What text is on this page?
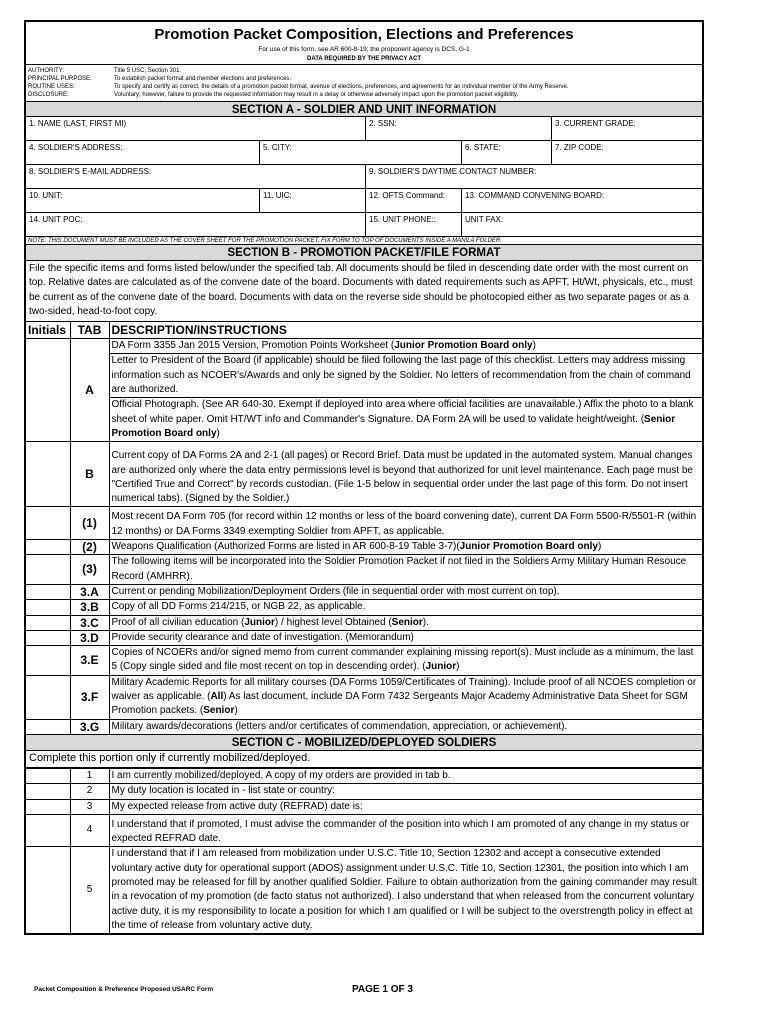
Promotion Packet Composition, Elections and Preferences
For use of this form, see AR 600-8-19; the proponent agency is DCS, G-1
DATA REQUIRED BY THE PRIVACY ACT
AUTHORITY:	Title 5 USC, Section 301.
PRINCIPAL PURPOSE:	To establish packet format and member elections and preferences.
ROUTINE USES:	To specify and certify as correct, the details of a promotion packet format, avenue of elections, preferences, and agreements for an individual member of the Army Reserve.
DISCLOSURE:	Voluntary; however, failure to provide the requested information may result in a delay or otherwise adversely impact upon the promotion packet eligibility.
SECTION A - SOLDIER AND UNIT INFORMATION
1. NAME (LAST, FIRST MI)	2. SSN:	3. CURRENT GRADE:
4. SOLDIER'S ADDRESS:	5. CITY:	6. STATE:	7. ZIP CODE:
8. SOLDIER'S E-MAIL ADDRESS:	9. SOLDIER'S DAYTIME CONTACT NUMBER:
10. UNIT:	11. UIC:	12. OFTS Command:	13. COMMAND CONVENING BOARD:
14. UNIT POC:	15. UNIT PHONE::	UNIT FAX:
NOTE: THIS DOCUMENT MUST BE INCLUDED AS THE COVER SHEET FOR THE PROMOTION PACKET. FIX FORM TO TOP OF DOCUMENTS INSIDE A MANILA FOLDER.
SECTION B - PROMOTION PACKET/FILE FORMAT
File the specific items and forms listed below/under the specified tab. All documents should be filed in descending date order with the most current on top. Relative dates are calculated as of the convene date of the board. Documents with dated requirements such as APFT, Ht/Wt, physicals, etc., must be current as of the convene date of the board. Documents with data on the reverse side should be photocopied either as two separate pages or as a two-sided, head-to-foot copy.
Initials	TAB	DESCRIPTION/INSTRUCTIONS
	A	DA Form 3355 Jan 2015 Version, Promotion Points Worksheet (Junior Promotion Board only)
		Letter to President of the Board (if applicable) should be filed following the last page of this checklist. Letters may address missing information such as NCOER's/Awards and only be signed by the Soldier. No letters of recommendation from the chain of command are authorized.
		Official Photograph. (See AR 640-30. Exempt if deployed into area where official facilities are unavailable.) Affix the photo to a blank sheet of white paper. Omit HT/WT info and Commander's Signature. DA Form 2A will be used to validate height/weight. (Senior Promotion Board only)
	B	Current copy of DA Forms 2A and 2-1 (all pages) or Record Brief. Data must be updated in the automated system. Manual changes are authorized only where the data entry permissions level is beyond that authorized for unit level maintenance. Each page must be "Certified True and Correct" by records custodian. (File 1-5 below in sequential order under the last page of this form. Do not insert numerical tabs). (Signed by the Soldier.)
	(1)	Most recent DA Form 705 (for record within 12 months or less of the board convening date), current DA Form 5500-R/5501-R (within 12 months) or DA Forms 3349 exempting Soldier from APFT, as applicable.
	(2)	Weapons Qualification (Authorized Forms are listed in AR 600-8-19 Table 3-7)(Junior Promotion Board only)
	(3)	The following items will be incorporated into the Soldier Promotion Packet if not filed in the Soldiers Army Military Human Resouce Record (AMHRR).
	3.A	Current or pending Mobilization/Deployment Orders (file in sequential order with most current on top).
	3.B	Copy of all DD Forms 214/215, or NGB 22, as applicable.
	3.C	Proof of all civilian education (Junior) / highest level Obtained (Senior).
	3.D	Provide security clearance and date of investigation. (Memorandum)
	3.E	Copies of NCOERs and/or signed memo from current commander explaining missing report(s). Must include as a minimum, the last 5 (Copy single sided and file most recent on top in descending order). (Junior)
	3.F	Military Academic Reports for all military courses (DA Forms 1059/Certificates of Training). Include proof of all NCOES completion or waiver as applicable. (All) As last document, include DA Form 7432 Sergeants Major Academy Administrative Data Sheet for SGM Promotion packets. (Senior)
	3.G	Military awards/decorations (letters and/or certificates of commendation, appreciation, or achievement).
SECTION C - MOBILIZED/DEPLOYED SOLDIERS
Complete this portion only if currently mobilized/deployed.
	1	I am currently mobilized/deployed. A copy of my orders are provided in tab b.
	2	My duty location is located in - list state or country:
	3	My expected release from active duty (REFRAD) date is:
	4	I understand that if promoted, I must advise the commander of the position into which I am promoted of any change in my status or expected REFRAD date.
	5	I understand that if I am released from mobilization under U.S.C. Title 10, Section 12302 and accept a consecutive extended voluntary active duty for operational support (ADOS) assignment under U.S.C. Title 10, Section 12301, the position into which I am promoted may be released for fill by another qualified Soldier. Failure to obtain authorization from the gaining commander may result in a revocation of my promotion (de facto status not authorized). I also understand that when released from the concurrent voluntary active duty, it is my responsibility to locate a position for which I am qualified or I will be subject to the overstrength policy in effect at the time of release from voluntary active duty.
Packet Composition & Preference Proposed USARC Form	PAGE 1 OF 3
